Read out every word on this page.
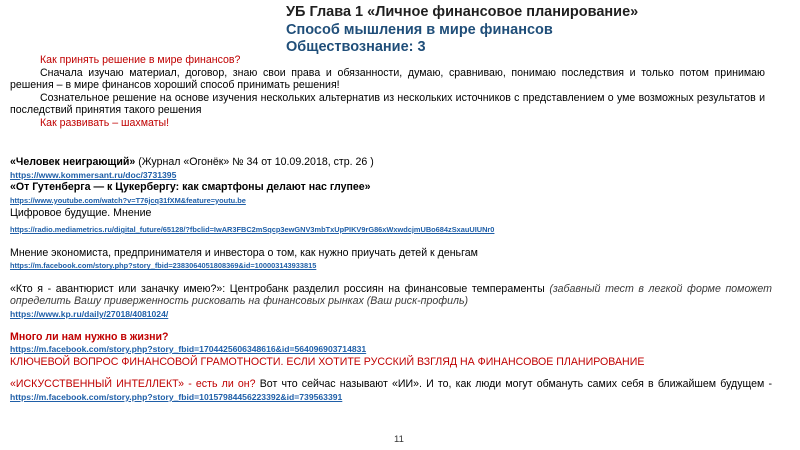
УБ Глава 1 «Личное финансовое планирование»
Способ мышления в мире финансов
Обществознание: 3

Как принять решение в мире финансов?

Сначала изучаю материал, договор, знаю свои права и обязанности, думаю, сравниваю, понимаю последствия и только потом принимаю решения – в мире финансов хороший способ принимать решения!

Сознательное решение на основе изучения нескольких альтернатив из нескольких источников с представлением о уме возможных результатов и последствий принятия такого решения

Как развивать – шахматы!

«Человек неиграющий» (Журнал «Огонёк» № 34 от 10.09.2018, стр. 26 )
https://www.kommersant.ru/doc/3731395
«От Гутенберга — к Цукербергу: как смартфоны делают нас глупее»
https://www.youtube.com/watch?v=T76jcq31fXM&feature=youtu.be
Цифровое будущие. Мнение
https://radio.mediametrics.ru/digital_future/65128/?fbclid=IwAR3FBC2mSqcp3ewGNV3mbTxUpPIKV9rG86xWxwdcjmUBo684zSxauUIUNr0
Мнение экономиста, предпринимателя и инвестора о том, как нужно приучать детей к деньгам
https://m.facebook.com/story.php?story_fbid=2383064051808369&id=100003143933815
«Кто я - авантюрист или заначку имею?»: Центробанк разделил россиян на финансовые темпераменты (забавный тест в легкой форме поможет определить Вашу приверженность рисковать на финансовых рынках (Ваш риск-профиль)
https://www.kp.ru/daily/27018/4081024/
Много ли нам нужно в жизни?
https://m.facebook.com/story.php?story_fbid=1704425606348616&id=564096903714831
КЛЮЧЕВОЙ ВОПРОС ФИНАНСОВОЙ ГРАМОТНОСТИ. ЕСЛИ ХОТИТЕ РУССКИЙ ВЗГЛЯД НА ФИНАНСОВОЕ ПЛАНИРОВАНИЕ
«ИСКУССТВЕННЫЙ ИНТЕЛЛЕКТ» - есть ли он? Вот что сейчас называют «ИИ». И то, как люди могут обмануть самих себя в ближайшем будущем - https://m.facebook.com/story.php?story_fbid=10157984456223392&id=739563391
11
